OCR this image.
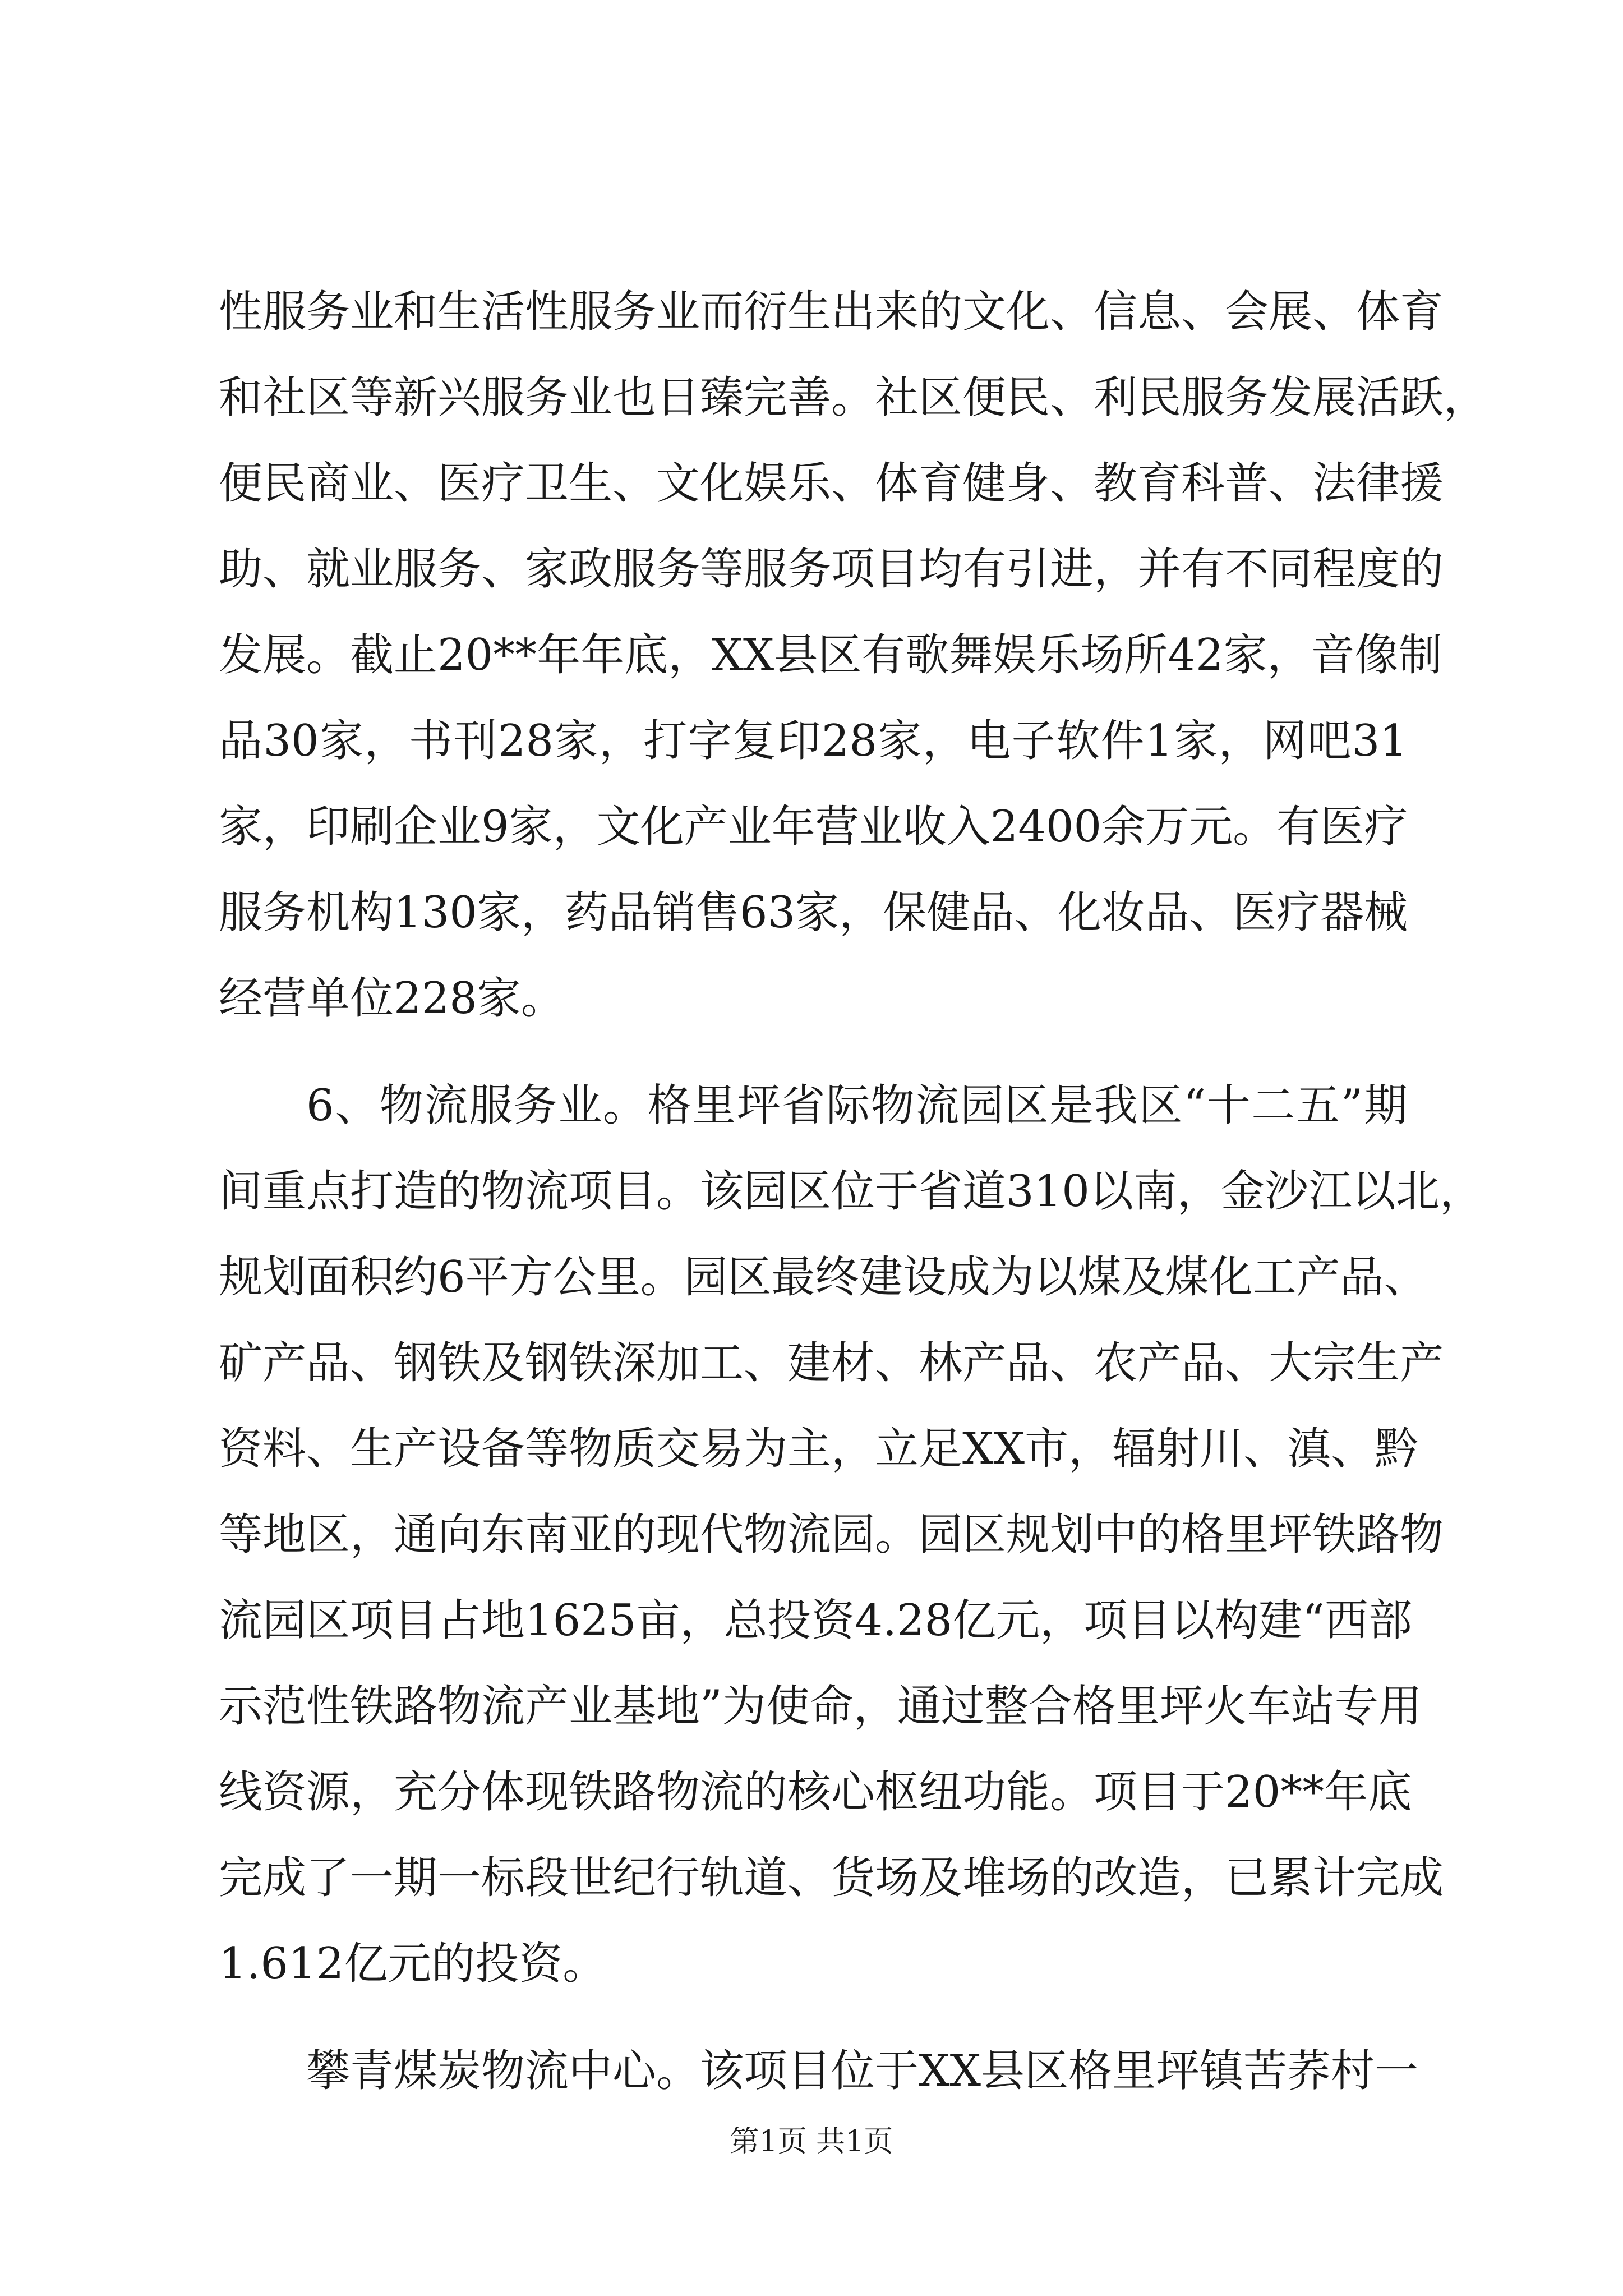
性服务业和生活性服务业而衍生出来的文化、信息、会展、体育
和社区等新兴服务业也日臻完善。社区便民、利民服务发展活跃，
便民商业、医疗卫生、文化娱乐、体育健身、教育科普、法律援
助、就业服务、家政服务等服务项目均有引进，并有不同程度的
发展。截止20**年年底，XX县区有歌舞娱乐场所42家，音像制
品30家，书刊28家，打字复印28家，电子软件1家，网吧31
家，印刷企业9家，文化产业年营业收入2400余万元。有医疗
服务机构130家，药品销售63家，保健品、化妆品、医疗器械
经营单位228家。

6、物流服务业。格里坪省际物流园区是我区“十二五”期
间重点打造的物流项目。该园区位于省道310以南，金沙江以北，
规划面积约6平方公里。园区最终建设成为以煤及煤化工产品、
矿产品、钢铁及钢铁深加工、建材、林产品、农产品、大宗生产
资料、生产设备等物质交易为主，立足XX市，辐射川、滇、黔
等地区，通向东南亚的现代物流园。园区规划中的格里坪铁路物
流园区项目占地1625亩，总投资4.28亿元，项目以构建“西部
示范性铁路物流产业基地”为使命，通过整合格里坪火车站专用
线资源，充分体现铁路物流的核心枢纽功能。项目于20**年底
完成了一期一标段世纪行轨道、货场及堆场的改造，已累计完成
1.612亿元的投资。

攀青煤炭物流中心。该项目位于XX县区格里坪镇苦荞村一

第1页 共1页
